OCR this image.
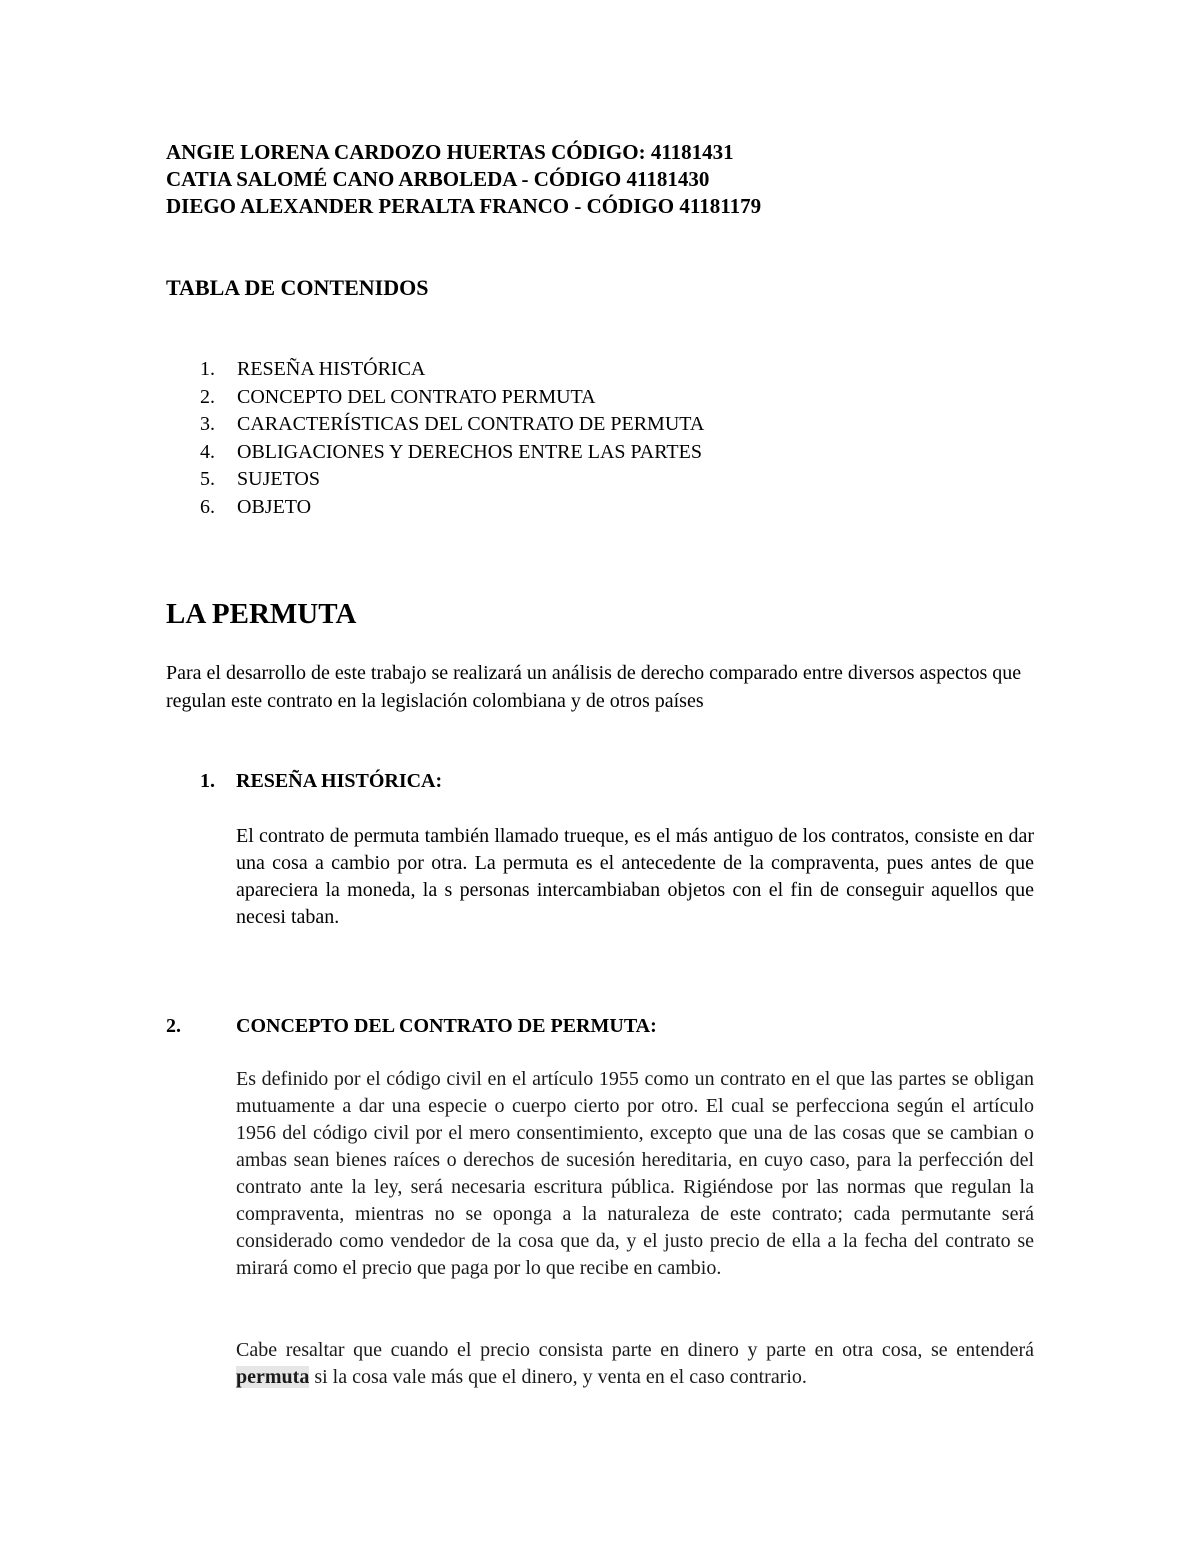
ANGIE LORENA CARDOZO HUERTAS CÓDIGO: 41181431
CATIA SALOMÉ CANO ARBOLEDA - CÓDIGO 41181430
DIEGO ALEXANDER PERALTA FRANCO - CÓDIGO 41181179
TABLA DE CONTENIDOS
1. RESEÑA HISTÓRICA
2. CONCEPTO DEL CONTRATO PERMUTA
3. CARACTERÍSTICAS DEL CONTRATO DE PERMUTA
4. OBLIGACIONES Y DERECHOS ENTRE LAS PARTES
5. SUJETOS
6. OBJETO
LA PERMUTA

Para el desarrollo de este trabajo se realizará un análisis de derecho comparado entre diversos aspectos que regulan este contrato en la legislación colombiana y de otros países

1. RESEÑA HISTÓRICA:

El contrato de permuta también llamado trueque, es el más antiguo de los contratos, consiste en dar una cosa a cambio por otra. La permuta es el antecedente de la compraventa, pues antes de que apareciera la moneda, la s personas intercambiaban objetos con el fin de conseguir aquellos que necesi taban.

2.	CONCEPTO DEL CONTRATO DE PERMUTA:

Es definido por el código civil en el artículo 1955 como un contrato en el que las partes se obligan mutuamente a dar una especie o cuerpo cierto por otro. El cual se perfecciona según el artículo 1956 del código civil por el mero consentimiento, excepto que una de las cosas que se cambian o ambas sean bienes raíces o derechos de sucesión hereditaria, en cuyo caso, para la perfección del contrato ante la ley, será necesaria escritura pública. Rigiéndose por las normas que regulan la compraventa, mientras no se oponga a la naturaleza de este contrato; cada permutante será considerado como vendedor de la cosa que da, y el justo precio de ella a la fecha del contrato se mirará como el precio que paga por lo que recibe en cambio.

Cabe resaltar que cuando el precio consista parte en dinero y parte en otra cosa, se entenderá permuta si la cosa vale más que el dinero, y venta en el caso contrario.
